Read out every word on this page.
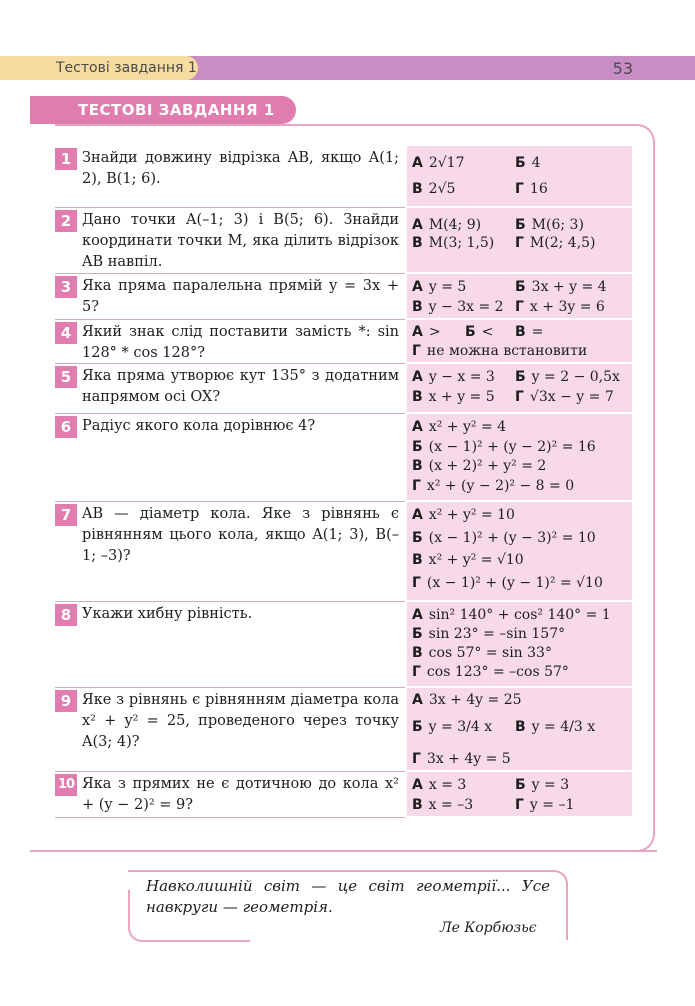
Тестові завдання 1	53
ТЕСТОВІ ЗАВДАННЯ 1
1 Знайди довжину відрізка AB, якщо A(1; 2), B(1; 6).
А 2√17	Б 4
В 2√5	Г 16
2 Дано точки A(–1; 3) і B(5; 6). Знайди координати точки M, яка ділить відрізок AB навпіл.
А M(4; 9) Б M(6; 3)
В M(3; 1,5) Г M(2; 4,5)
3 Яка пряма паралельна прямій y = 3x + 5?
А y = 5	Б 3x + y = 4
В y − 3x = 2 Г x + 3y = 6
4 Який знак слід поставити замість *: sin 128° * cos 128°?
А > Б < В =
Г не можна встановити
5 Яка пряма утворює кут 135° з додатним напрямом осі OX?
А y − x = 3 Б y = 2 − 0,5x
В x + y = 5 Г √3x − y = 7
6 Радіус якого кола дорівнює 4?	А x² + y² = 4
Б (x − 1)² + (y − 2)² = 16
В (x + 2)² + y² = 2
Г x² + (y − 2)² − 8 = 0
7 AB — діаметр кола. Яке з рівнянь є рівнянням цього кола, якщо A(1; 3), B(–1; –3)?
А x² + y² = 10
Б (x − 1)² + (y − 3)² = 10
В x² + y² = √10
Г (x − 1)² + (y − 1)² = √10
8 Укажи хибну рівність.	А sin² 140° + cos² 140° = 1
Б sin 23° = –sin 157°
В cos 57° = sin 33°
Г cos 123° = –cos 57°
9 Яке з рівнянь є рівнянням діаметра кола x² + y² = 25, проведеного через точку A(3; 4)?
А 3x + 4y = 25
Б y = 3/4 x В y = 4/3 x
Г 3x + 4y = 5
10 Яка з прямих не є дотичною до кола x² + (y − 2)² = 9?
А x = 3	Б y = 3
В x = –3	Г y = –1
Навколишній світ — це світ геометрії... Усе навкруги — геометрія.
Ле Корбюзьє
